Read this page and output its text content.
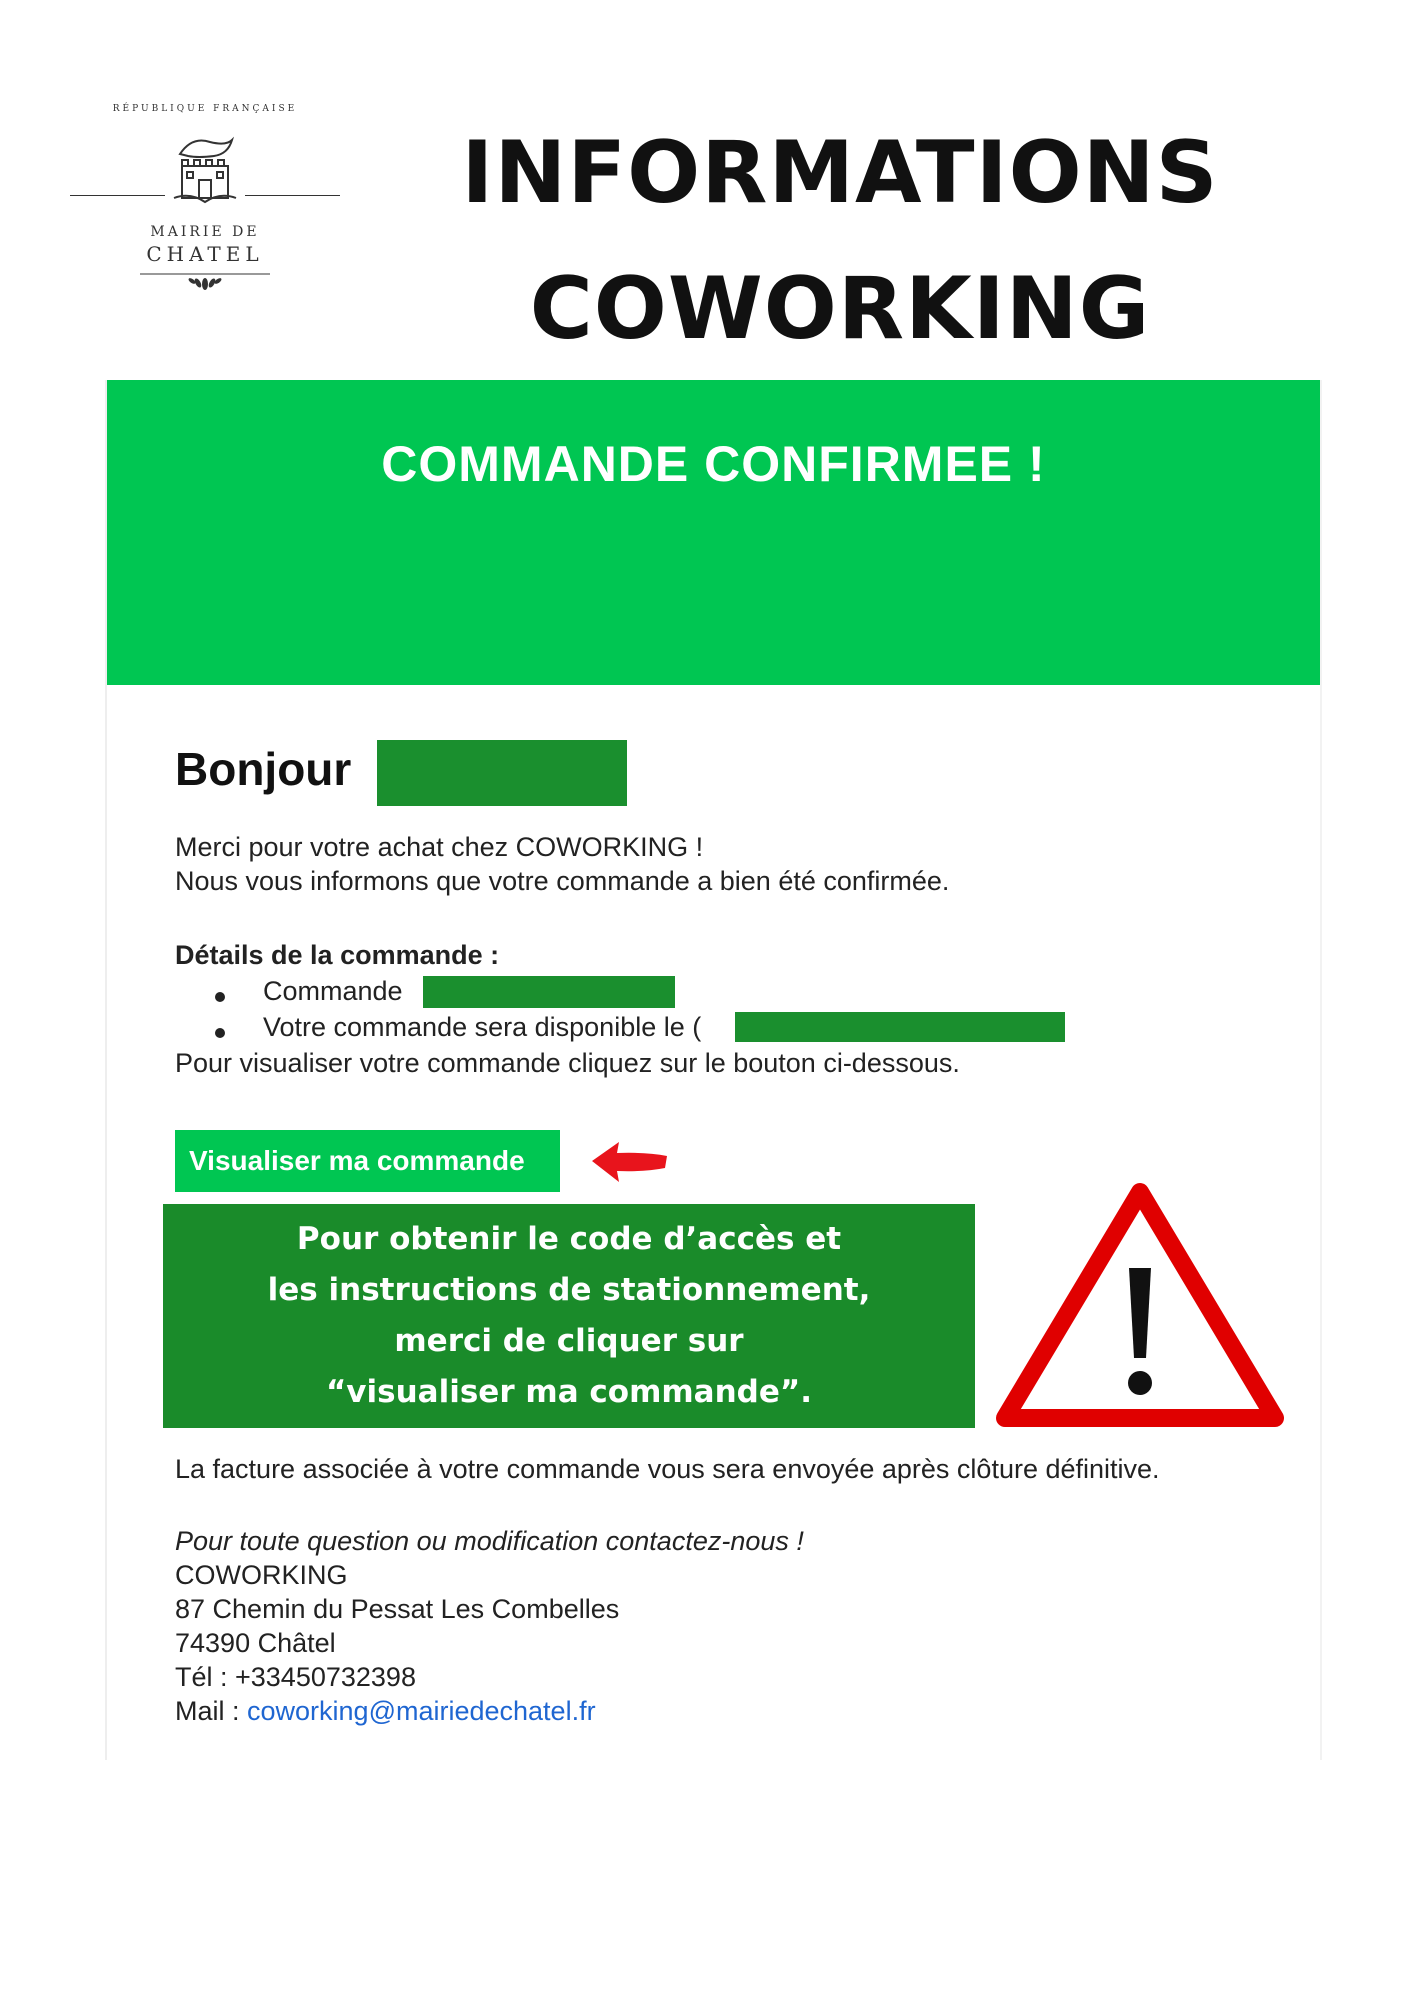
RÉPUBLIQUE FRANÇAISE
MAIRIE DE
CHATEL
INFORMATIONS
COWORKING
COMMANDE CONFIRMEE !
Bonjour
Merci pour votre achat chez COWORKING !
Nous vous informons que votre commande a bien été confirmée.
Détails de la commande :
Commande
Votre commande sera disponible le (
Pour visualiser votre commande cliquez sur le bouton ci-dessous.
Visualiser ma commande
Pour obtenir le code d’accès et
les instructions de stationnement,
merci de cliquer sur
“visualiser ma commande”.
La facture associée à votre commande vous sera envoyée après clôture définitive.
Pour toute question ou modification contactez-nous !
COWORKING
87 Chemin du Pessat Les Combelles
74390 Châtel
Tél : +33450732398
Mail : coworking@mairiedechatel.fr
